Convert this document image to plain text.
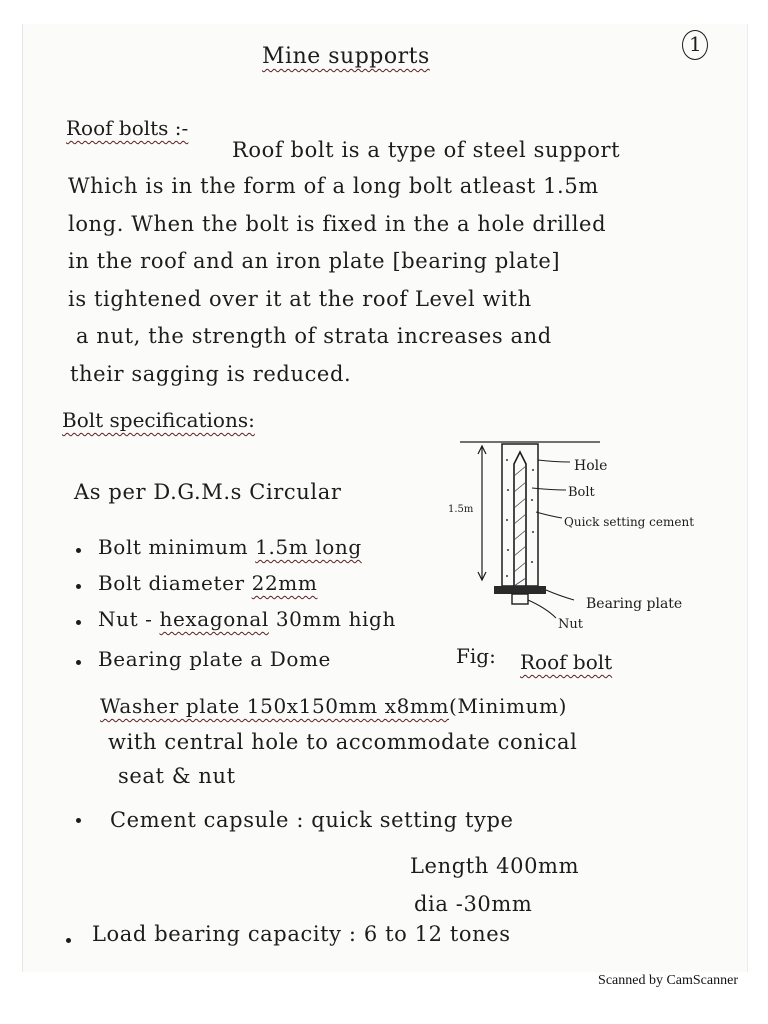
1
Mine supports
Roof bolts :-
Roof bolt is a type of steel support
Which is in the form of a long bolt atleast 1.5m
long. When the bolt is fixed in the a hole drilled
in the roof and an iron plate [bearing plate]
is tightened over it at the roof Level with
a nut, the strength of strata increases and
their sagging is reduced.
Bolt specifications:
As per D.G.M.s Circular
Bolt minimum 1.5m long
Bolt diameter 22mm
Nut - hexagonal 30mm high
Bearing plate a Dome
Washer plate 150x150mm x8mm(Minimum)
with central hole to accommodate conical
seat & nut
Cement capsule : quick setting type
Length 400mm
dia -30mm
Load bearing capacity : 6 to 12 tones
Hole
Bolt
Quick setting cement
1.5m
Bearing plate
Nut
Fig: Roof bolt
Scanned by CamScanner
